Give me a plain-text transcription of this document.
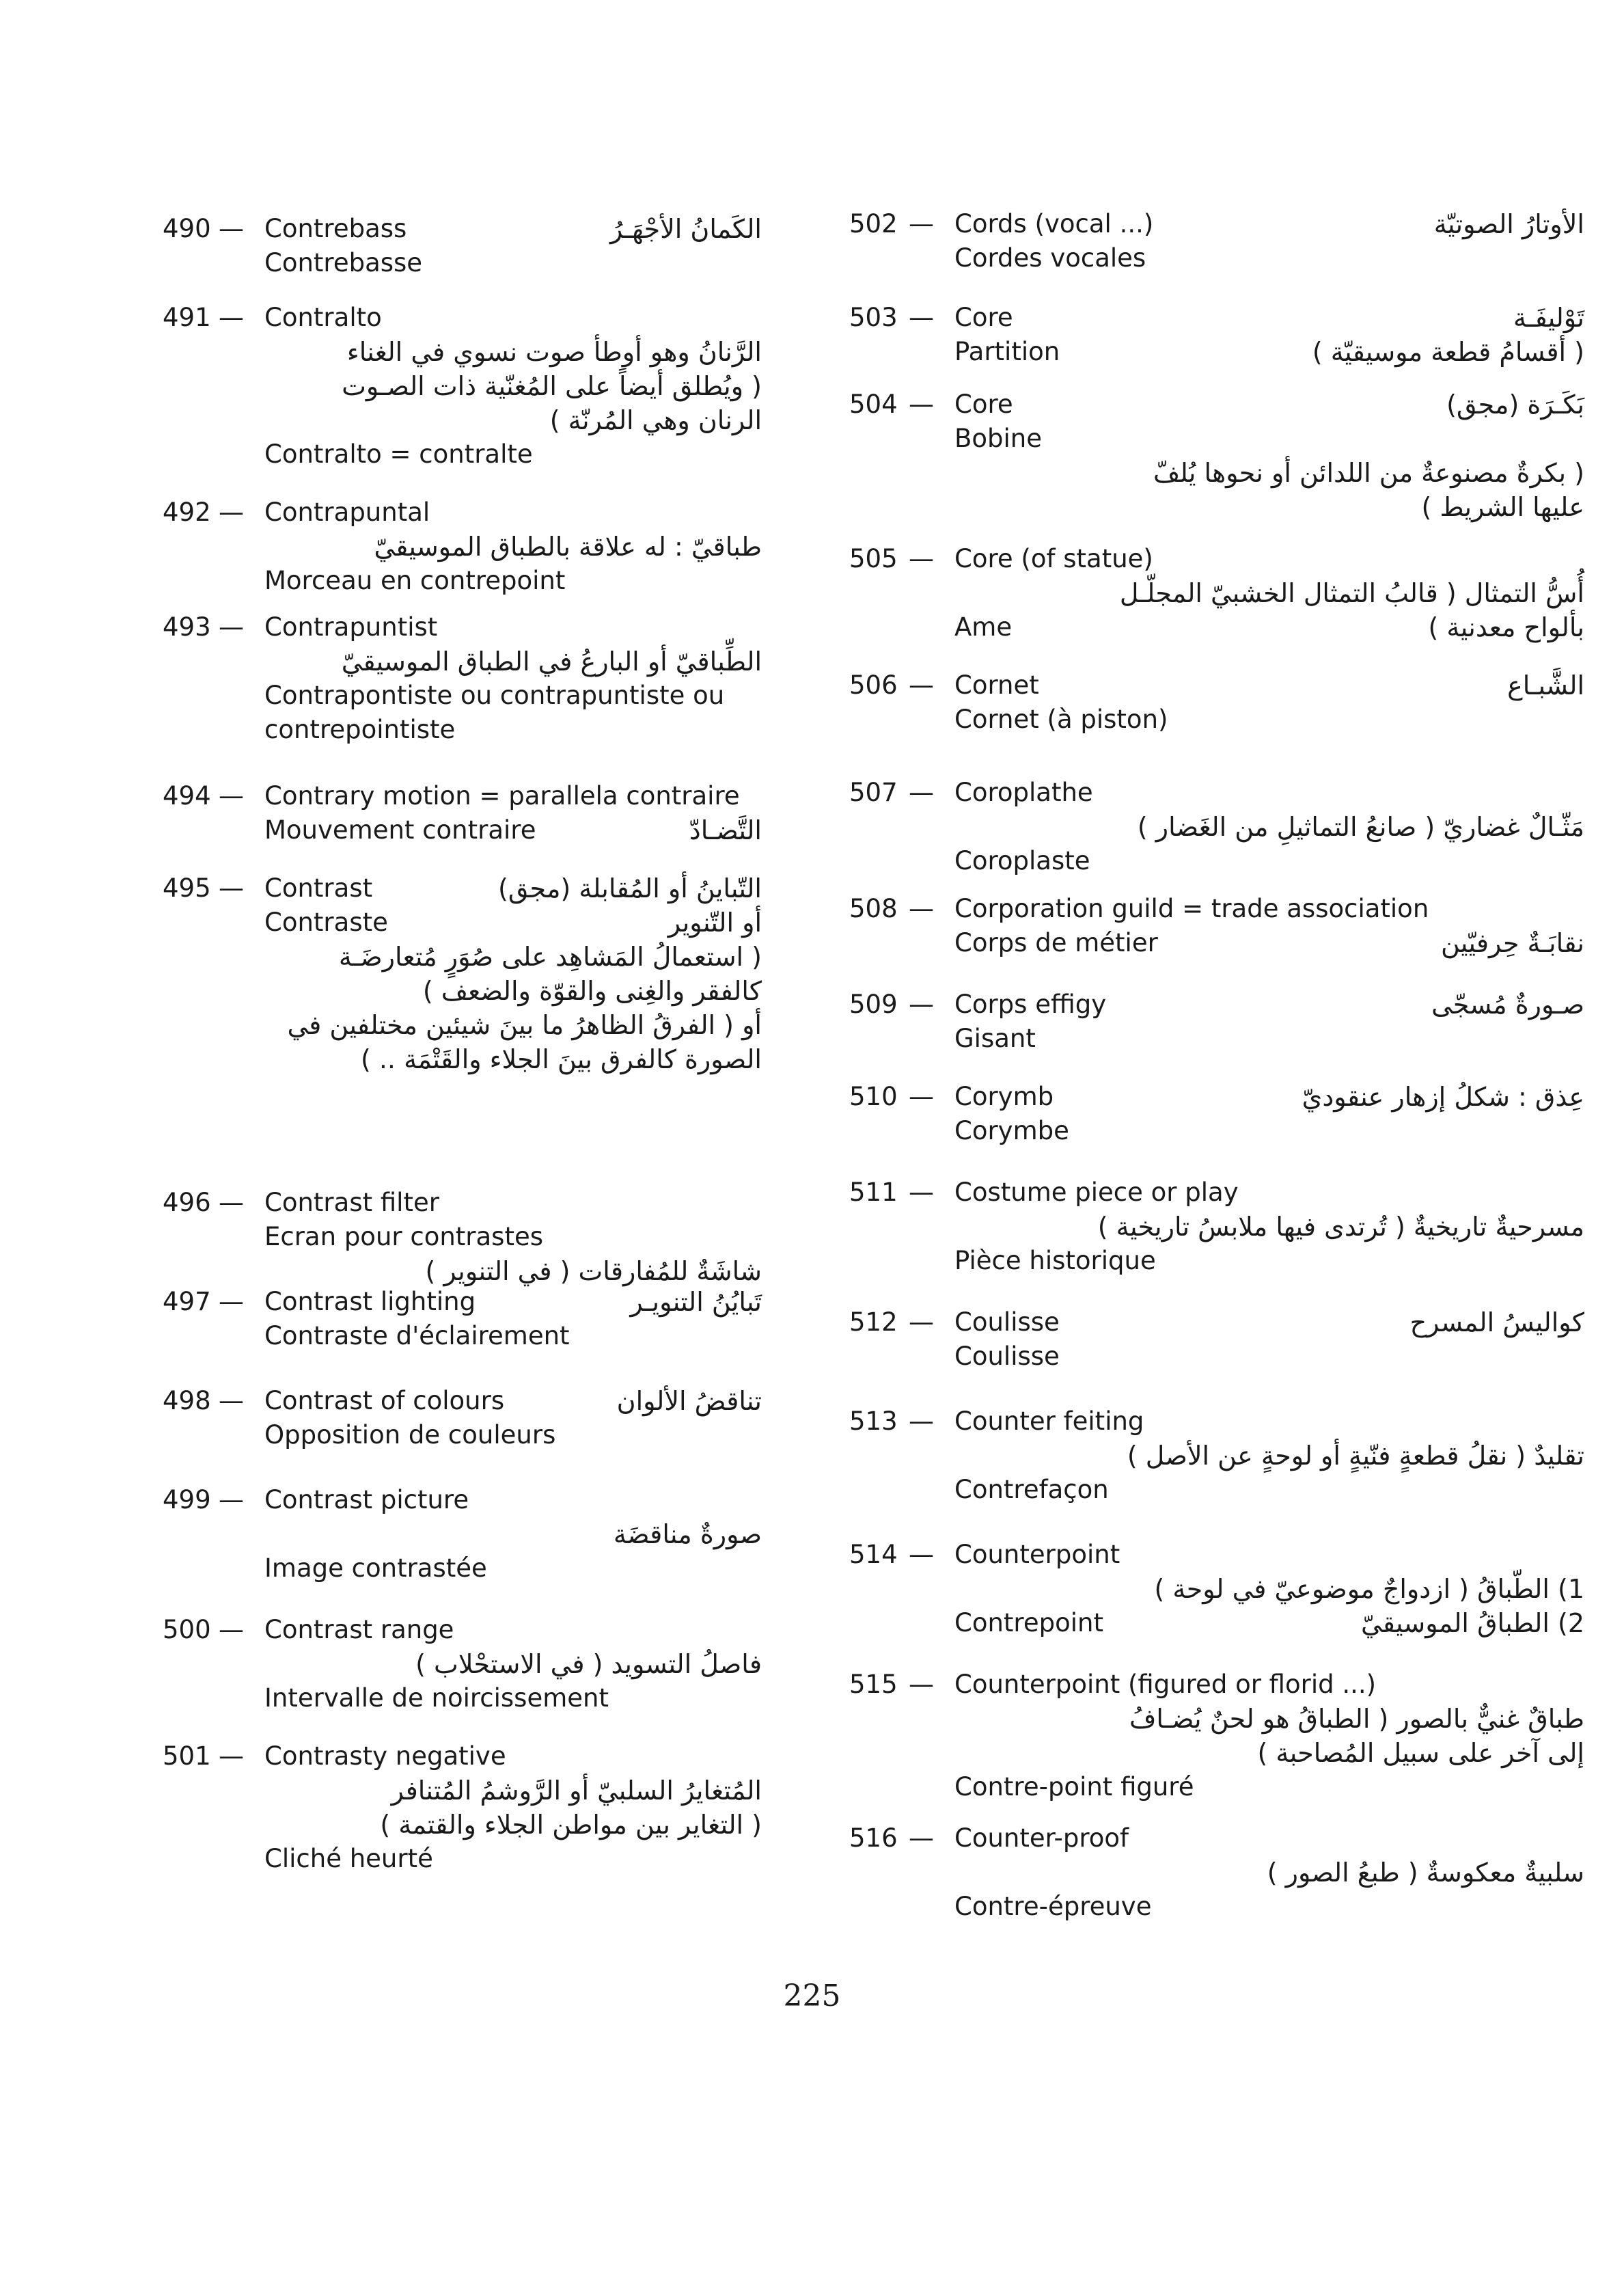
490 — Contrebass	الكَمانُ الأجْهَـرُ
Contrebasse
491 — Contralto
الرَّنانُ وهو أوطأ صوت نسوي في الغناء
( ويُطلق أيضاً على المُغنّية ذات الصـوت
الرنان وهي المُرنّة )
Contralto = contralte
492 — Contrapuntal
طباقيّ : له علاقة بالطباق الموسيقيّ
Morceau en contrepoint
493 — Contrapuntist
الطِّباقيّ أو البارعُ في الطباق الموسيقيّ
Contrapontiste ou contrapuntiste ou
contrepointiste
494 — Contrary motion = parallela contraire
Mouvement contraire	التَّضـادّ
495 — Contrast	التّباينُ أو المُقابلة (مجق)
Contraste	أو التّنوير
( استعمالُ المَشاهِد على صُوَرٍ مُتعارضَـة
كالفقر والغِنى والقوّة والضعف )
أو ( الفرقُ الظاهرُ ما بينَ شيئين مختلفين في
الصورة كالفرق بينَ الجلاء والقَتْمَة .. )
496 — Contrast filter
Ecran pour contrastes
شاشَةٌ للمُفارقات ( في التنوير )
497 — Contrast lighting	تَبايُنُ التنويـر
Contraste d'éclairement
498 — Contrast of colours	تناقضُ الألوان
Opposition de couleurs
499 — Contrast picture
صورةٌ مناقضَة
Image contrastée
500 — Contrast range
فاصلُ التسويد ( في الاستحْلاب )
Intervalle de noircissement
501 — Contrasty negative
المُتغايرُ السلبيّ أو الرَّوشمُ المُتنافر
( التغاير بين مواطن الجلاء والقتمة )
Cliché heurté
502 — Cords (vocal ...)	الأوتارُ الصوتيّة
Cordes vocales
503 — Core	تَوْليفَـة
Partition	( أقسامُ قطعة موسيقيّة )
504 — Core	بَكَـرَة (مجق)
Bobine
( بكرةٌ مصنوعةٌ من اللدائن أو نحوها يُلفّ
عليها الشريط )
505 — Core (of statue)
أُسُّ التمثال ( قالبُ التمثال الخشبيّ المجلّـل
Ame	بألواح معدنية )
506 — Cornet	الشَّبـاع
Cornet (à piston)
507 — Coroplathe
مَثّـالٌ غضاريّ ( صانعُ التماثيلِ من الغَضار )
Coroplaste
508 — Corporation guild = trade association
Corps de métier	نقابَـةٌ حِرفيّين
509 — Corps effigy	صـورةٌ مُسجّى
Gisant
510 — Corymb	عِذق : شكلُ إزهار عنقوديّ
Corymbe
511 — Costume piece or play
مسرحيةٌ تاريخيةٌ ( تُرتدى فيها ملابسُ تاريخية )
Pièce historique
512 — Coulisse	كواليسُ المسرح
Coulisse
513 — Counter feiting
تقليدٌ ( نقلُ قطعةٍ فنّيةٍ أو لوحةٍ عن الأصل )
Contrefaçon
514 — Counterpoint
1) الطّباقُ ( ازدواجٌ موضوعيّ في لوحة )
Contrepoint	2) الطباقُ الموسيقيّ
515 — Counterpoint (figured or florid ...)
طباقٌ غنيٌّ بالصور ( الطباقُ هو لحنٌ يُضـافُ
إلى آخر على سبيل المُصاحبة )
Contre-point figuré
516 — Counter-proof
سلبيةٌ معكوسةٌ ( طبعُ الصور )
Contre-épreuve
225
